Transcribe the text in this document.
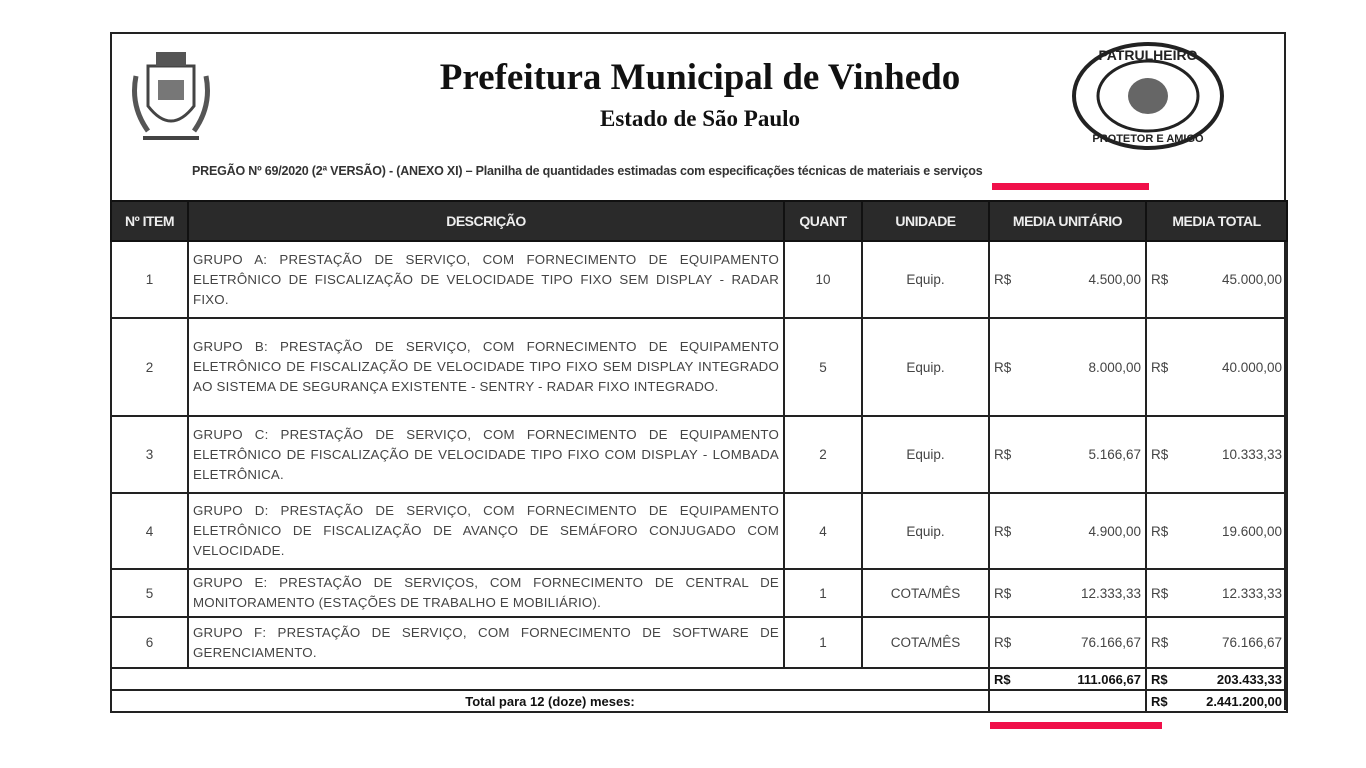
Prefeitura Municipal de Vinhedo
Estado de São Paulo
PATRULHEIRO
PROTETOR E AMIGO
PREGÃO Nº 69/2020 (2ª VERSÃO) - (ANEXO XI) – Planilha de quantidades estimadas com especificações técnicas de materiais e serviços
Nº ITEM	DESCRIÇÃO	QUANT	UNIDADE	MEDIA UNITÁRIO	MEDIA TOTAL
1	GRUPO A: PRESTAÇÃO DE SERVIÇO, COM FORNECIMENTO DE EQUIPAMENTO ELETRÔNICO DE FISCALIZAÇÃO DE VELOCIDADE TIPO FIXO SEM DISPLAY - RADAR FIXO.	10	Equip.	R$ 4.500,00	R$ 45.000,00

2	GRUPO B: PRESTAÇÃO DE SERVIÇO, COM FORNECIMENTO DE EQUIPAMENTO ELETRÔNICO DE FISCALIZAÇÃO DE VELOCIDADE TIPO FIXO SEM DISPLAY INTEGRADO AO SISTEMA DE SEGURANÇA EXISTENTE - SENTRY - RADAR FIXO INTEGRADO.	5	Equip.	R$ 8.000,00	R$ 40.000,00

3	GRUPO C: PRESTAÇÃO DE SERVIÇO, COM FORNECIMENTO DE EQUIPAMENTO ELETRÔNICO DE FISCALIZAÇÃO DE VELOCIDADE TIPO FIXO COM DISPLAY - LOMBADA ELETRÔNICA.	2	Equip.	R$ 5.166,67	R$ 10.333,33

4	GRUPO D: PRESTAÇÃO DE SERVIÇO, COM FORNECIMENTO DE EQUIPAMENTO ELETRÔNICO DE FISCALIZAÇÃO DE AVANÇO DE SEMÁFORO CONJUGADO COM VELOCIDADE.	4	Equip.	R$ 4.900,00	R$ 19.600,00

5	GRUPO E: PRESTAÇÃO DE SERVIÇOS, COM FORNECIMENTO DE CENTRAL DE MONITORAMENTO (ESTAÇÕES DE TRABALHO E MOBILIÁRIO).	1	COTA/MÊS	R$ 12.333,33	R$ 12.333,33

6	GRUPO F: PRESTAÇÃO DE SERVIÇO, COM FORNECIMENTO DE SOFTWARE DE GERENCIAMENTO.	1	COTA/MÊS	R$ 76.166,67	R$ 76.166,67

				R$ 111.066,67	R$ 203.433,33

Total para 12 (doze) meses:					R$ 2.441.200,00
